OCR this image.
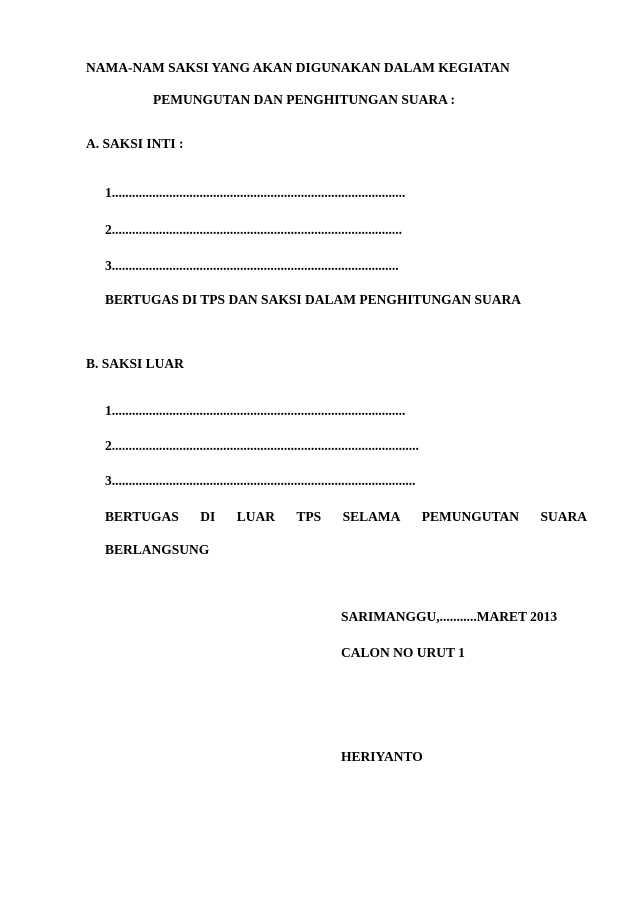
NAMA-NAM SAKSI YANG AKAN DIGUNAKAN DALAM KEGIATAN
PEMUNGUTAN DAN PENGHITUNGAN SUARA :
A. SAKSI INTI :
1.......................................................................................
2......................................................................................
3.....................................................................................
BERTUGAS DI TPS DAN SAKSI DALAM PENGHITUNGAN SUARA
B. SAKSI LUAR
1.......................................................................................
2...........................................................................................
3..........................................................................................
BERTUGAS DI LUAR TPS SELAMA PEMUNGUTAN SUARA
BERLANGSUNG
SARIMANGGU,...........MARET 2013
CALON NO URUT 1
HERIYANTO
